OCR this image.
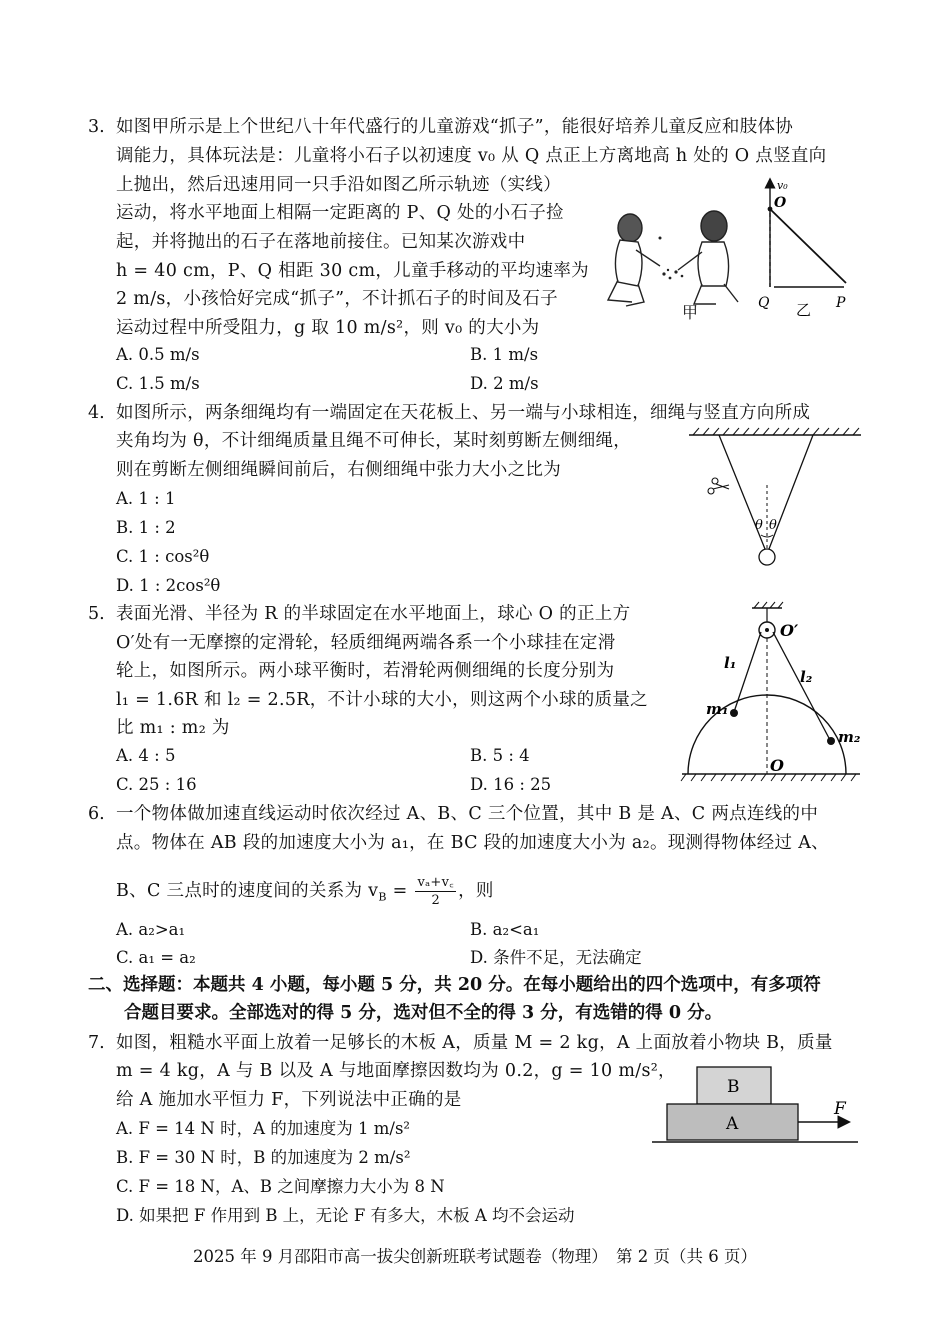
3. 如图甲所示是上个世纪八十年代盛行的儿童游戏“抓子”，能很好培养儿童反应和肢体协
调能力，具体玩法是：儿童将小石子以初速度 v₀ 从 Q 点正上方离地高 h 处的 O 点竖直向
上抛出，然后迅速用同一只手沿如图乙所示轨迹（实线）
运动，将水平地面上相隔一定距离的 P、Q 处的小石子捡
起，并将抛出的石子在落地前接住。已知某次游戏中
h = 40 cm，P、Q 相距 30 cm，儿童手移动的平均速率为
2 m/s，小孩恰好完成“抓子”，不计抓石子的时间及石子
运动过程中所受阻力，g 取 10 m/s²，则 v₀ 的大小为
A. 0.5 m/s	B. 1 m/s
C. 1.5 m/s	D. 2 m/s
甲
v₀
O
Q	P
乙
4. 如图所示，两条细绳均有一端固定在天花板上、另一端与小球相连，细绳与竖直方向所成
夹角均为 θ，不计细绳质量且绳不可伸长，某时刻剪断左侧细绳，
则在剪断左侧细绳瞬间前后，右侧细绳中张力大小之比为
A. 1 : 1
B. 1 : 2
C. 1 : cos²θ
D. 1 : 2cos²θ
θ θ
5. 表面光滑、半径为 R 的半球固定在水平地面上，球心 O 的正上方
O′处有一无摩擦的定滑轮，轻质细绳两端各系一个小球挂在定滑
轮上，如图所示。两小球平衡时，若滑轮两侧细绳的长度分别为
l₁ = 1.6R 和 l₂ = 2.5R，不计小球的大小，则这两个小球的质量之
比 m₁ : m₂ 为
A. 4 : 5	B. 5 : 4
C. 25 : 16	D. 16 : 25
O′
l₁
l₂
m₁
m₂
O
6. 一个物体做加速直线运动时依次经过 A、B、C 三个位置，其中 B 是 A、C 两点连线的中
点。物体在 AB 段的加速度大小为 a₁，在 BC 段的加速度大小为 a₂。现测得物体经过 A、
B、C 三点时的速度间的关系为 $v_B = \frac{\text{vₐ+v꜀}}{2}$ ，则
A. a₂>a₁	B. a₂<a₁
C. a₁ = a₂	D. 条件不足，无法确定
二、选择题：本题共 4 小题，每小题 5 分，共 20 分。在每小题给出的四个选项中，有多项符
合题目要求。全部选对的得 5 分，选对但不全的得 3 分，有选错的得 0 分。
7. 如图，粗糙水平面上放着一足够长的木板 A，质量 M = 2 kg，A 上面放着小物块 B，质量
m = 4 kg，A 与 B 以及 A 与地面摩擦因数均为 0.2，g = 10 m/s²，
给 A 施加水平恒力 F，下列说法中正确的是
A. F = 14 N 时，A 的加速度为 1 m/s²
B. F = 30 N 时，B 的加速度为 2 m/s²
C. F = 18 N，A、B 之间摩擦力大小为 8 N
D. 如果把 F 作用到 B 上，无论 F 有多大，木板 A 均不会运动
B
A
F
2025 年 9 月邵阳市高一拔尖创新班联考试题卷（物理）　第 2 页（共 6 页）
